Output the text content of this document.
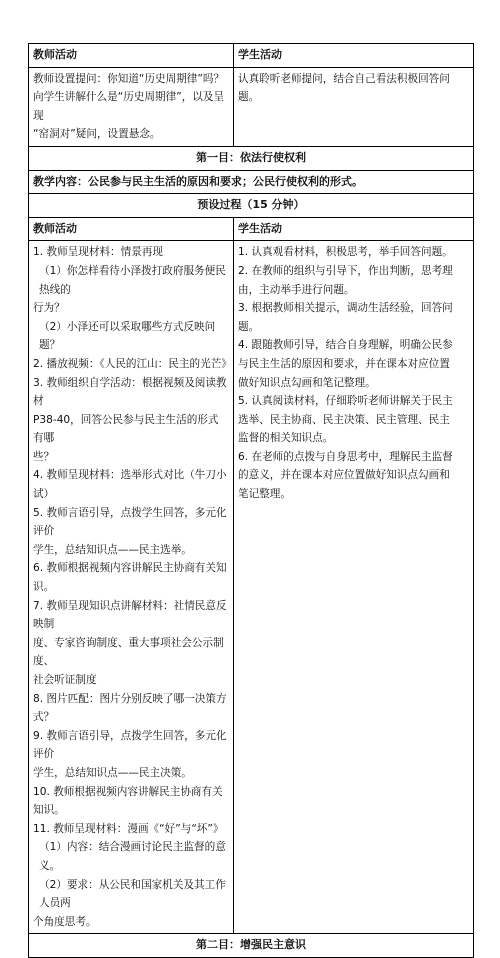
教师活动	学生活动
教师设置提问：你知道“历史周期律”吗？
向学生讲解什么是“历史周期律”，以及呈现
“窑洞对”疑问，设置悬念。
认真聆听老师提问，结合自己看法积极回答问
题。
第一目：依法行使权利
教学内容：公民参与民主生活的原因和要求；公民行使权利的形式。
预设过程（15 分钟）
教师活动	学生活动
1. 教师呈现材料：情景再现
（1）你怎样看待小泽拨打政府服务便民热线的
行为？
（2）小泽还可以采取哪些方式反映问题？
2. 播放视频：《人民的江山：民主的光芒》
3. 教师组织自学活动：根据视频及阅读教材
P38-40，回答公民参与民主生活的形式有哪
些？
4. 教师呈现材料：选举形式对比（牛刀小试）
5. 教师言语引导，点拨学生回答，多元化评价
学生，总结知识点——民主选举。
6. 教师根据视频内容讲解民主协商有关知识。
7. 教师呈现知识点讲解材料：社情民意反映制
度、专家咨询制度、重大事项社会公示制度、
社会听证制度
8. 图片匹配：图片分别反映了哪一决策方式？
9. 教师言语引导，点拨学生回答，多元化评价
学生，总结知识点——民主决策。
10. 教师根据视频内容讲解民主协商有关知识。
11. 教师呈现材料：漫画《“好”与“坏”》
（1）内容：结合漫画讨论民主监督的意义。
（2）要求：从公民和国家机关及其工作人员两
个角度思考。
1. 认真观看材料，积极思考，举手回答问题。
2. 在教师的组织与引导下，作出判断，思考理
由，主动举手进行问题。
3. 根据教师相关提示，调动生活经验，回答问
题。
4. 跟随教师引导，结合自身理解，明确公民参
与民主生活的原因和要求，并在课本对应位置
做好知识点勾画和笔记整理。
5. 认真阅读材料，仔细聆听老师讲解关于民主
选举、民主协商、民主决策、民主管理、民主
监督的相关知识点。
6. 在老师的点拨与自身思考中，理解民主监督
的意义，并在课本对应位置做好知识点勾画和
笔记整理。
第二目：增强民主意识
